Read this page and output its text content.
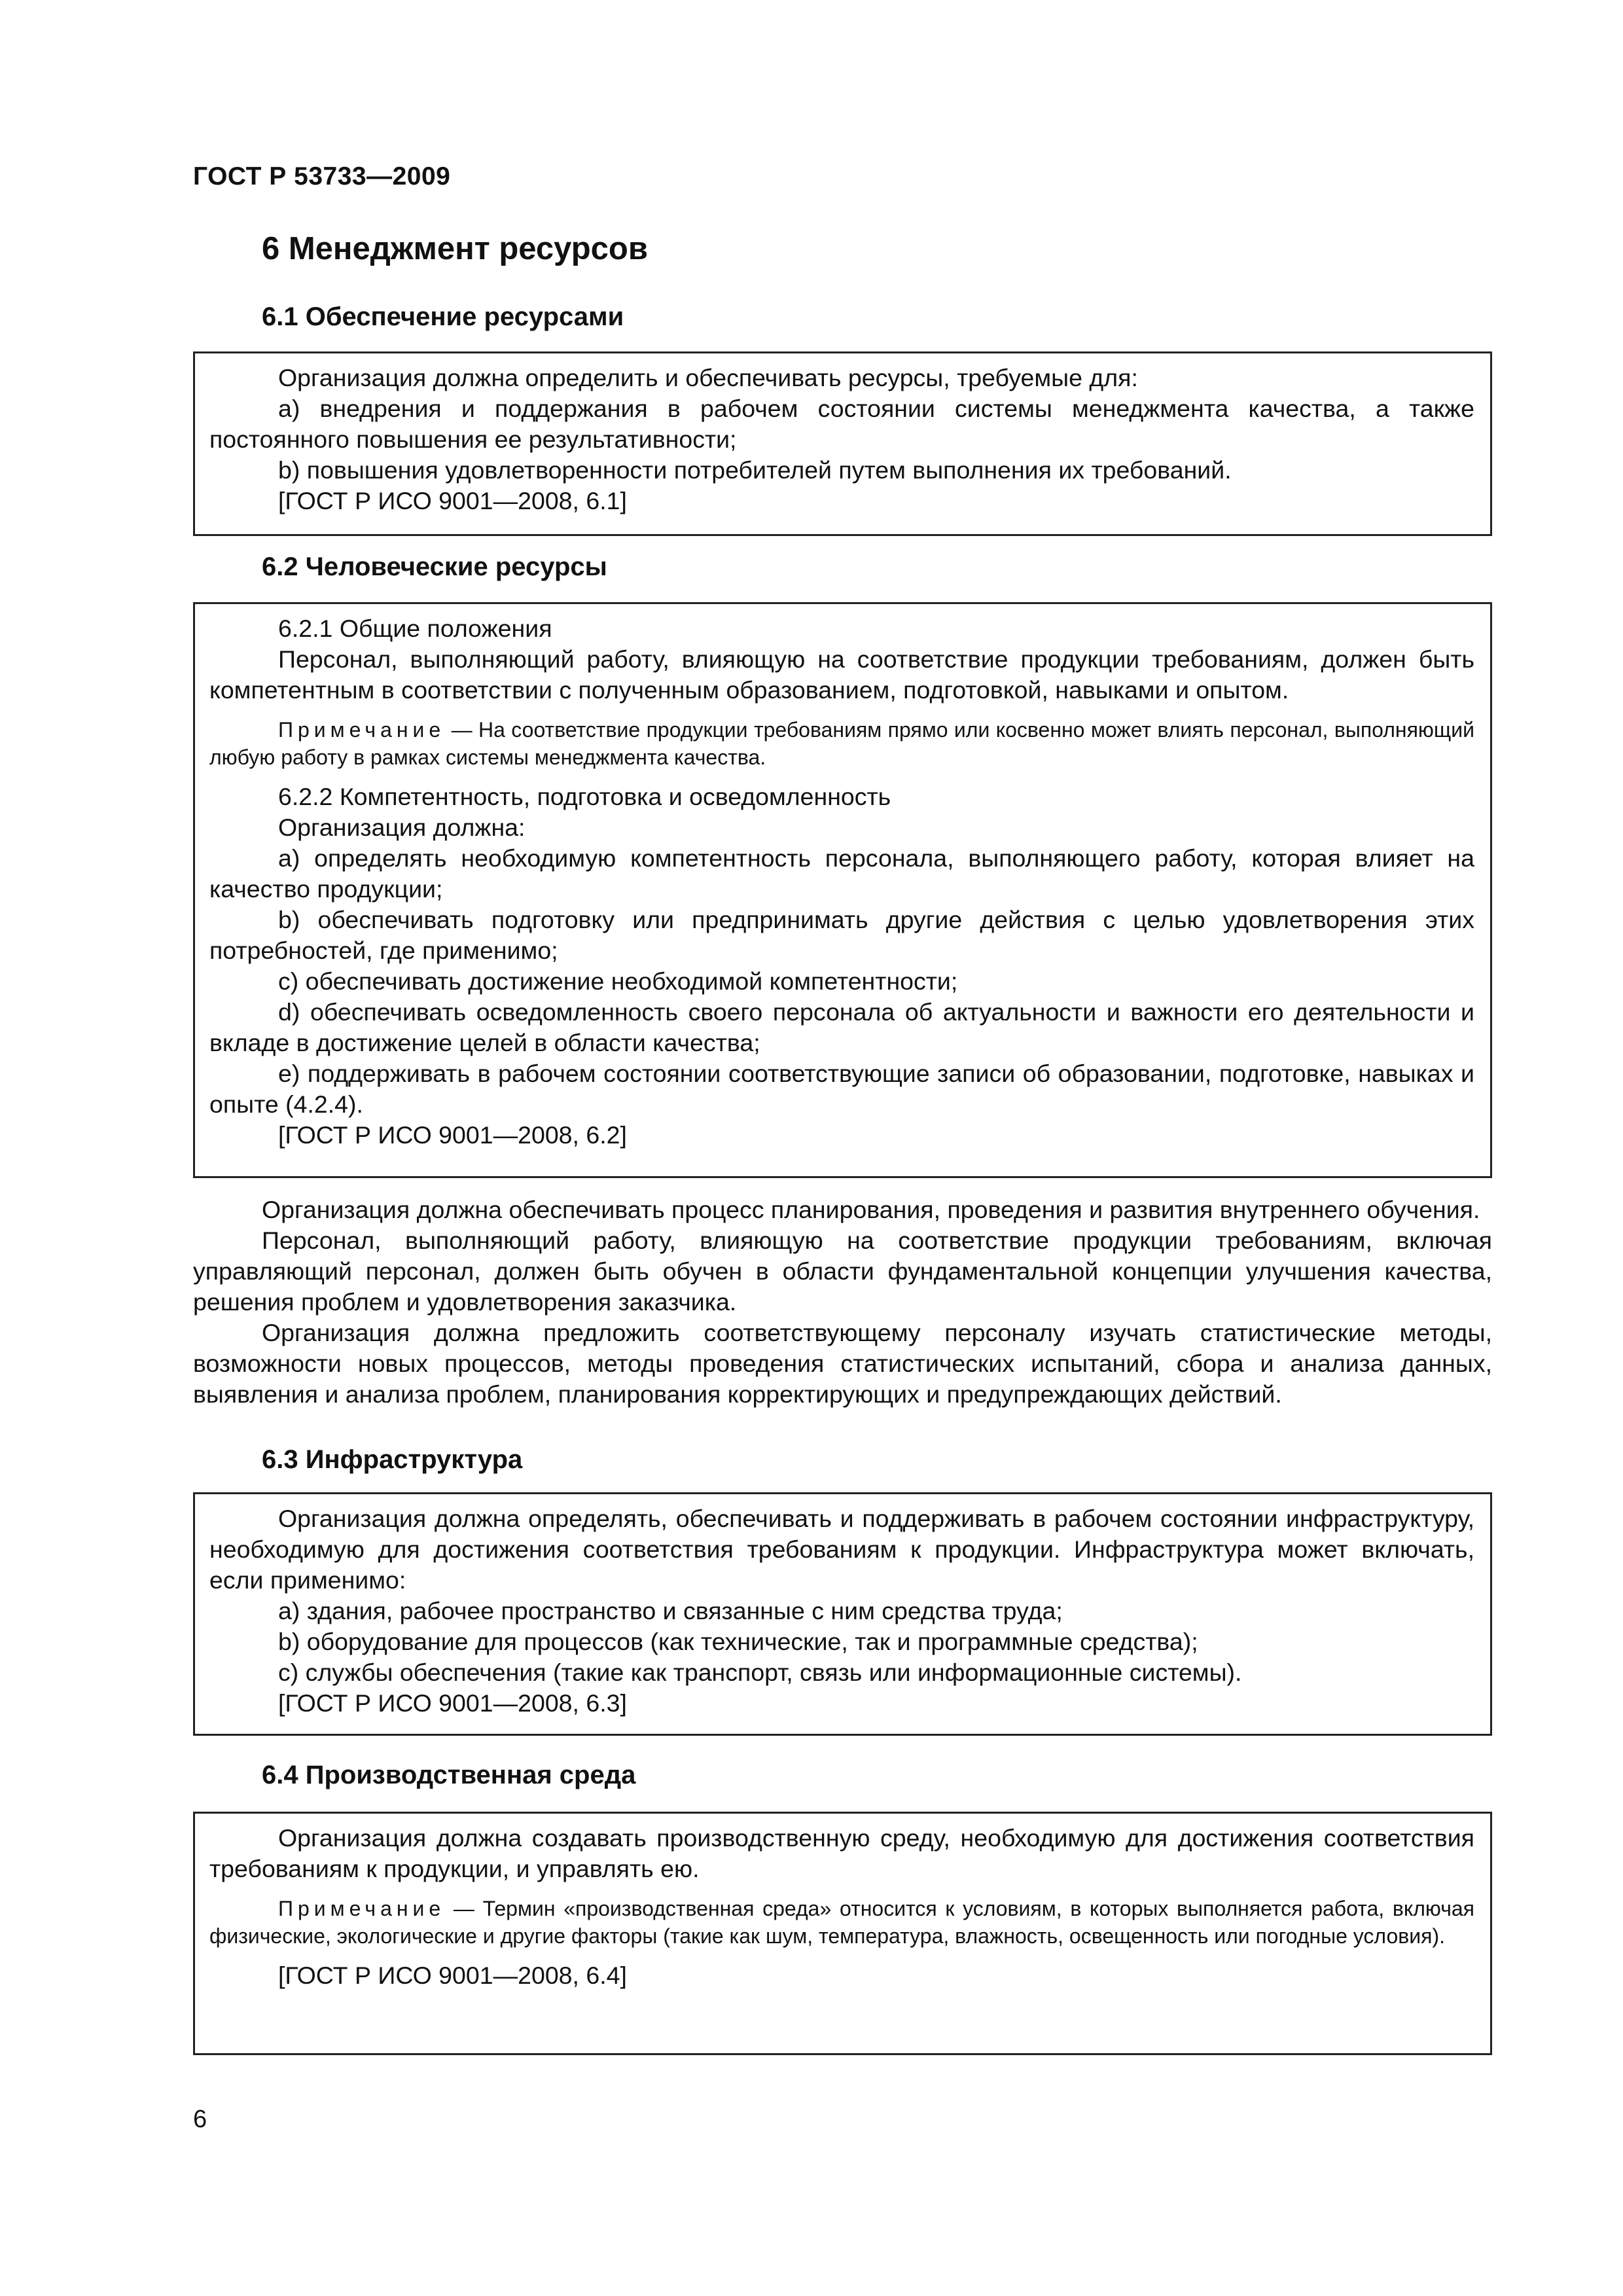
ГОСТ Р 53733—2009
6 Менеджмент ресурсов
6.1 Обеспечение ресурсами

Организация должна определить и обеспечивать ресурсы, требуемые для:

а) внедрения и поддержания в рабочем состоянии системы менеджмента качества, а также постоянного повышения ее результативности;

b) повышения удовлетворенности потребителей путем выполнения их требований.

[ГОСТ Р ИСО 9001—2008, 6.1]

6.2 Человеческие ресурсы

6.2.1 Общие положения

Персонал, выполняющий работу, влияющую на соответствие продукции требованиям, должен быть компетентным в соответствии с полученным образованием, подготовкой, навыками и опытом.

Примечание — На соответствие продукции требованиям прямо или косвенно может влиять персонал, выполняющий любую работу в рамках системы менеджмента качества.

6.2.2 Компетентность, подготовка и осведомленность

Организация должна:

а) определять необходимую компетентность персонала, выполняющего работу, которая влияет на качество продукции;

b) обеспечивать подготовку или предпринимать другие действия с целью удовлетворения этих потребностей, где применимо;

c) обеспечивать достижение необходимой компетентности;

d) обеспечивать осведомленность своего персонала об актуальности и важности его деятельности и вкладе в достижение целей в области качества;

e) поддерживать в рабочем состоянии соответствующие записи об образовании, подготовке, навыках и опыте (4.2.4).

[ГОСТ Р ИСО 9001—2008, 6.2]

Организация должна обеспечивать процесс планирования, проведения и развития внутреннего обучения.

Персонал, выполняющий работу, влияющую на соответствие продукции требованиям, включая управляющий персонал, должен быть обучен в области фундаментальной концепции улучшения качества, решения проблем и удовлетворения заказчика.

Организация должна предложить соответствующему персоналу изучать статистические методы, возможности новых процессов, методы проведения статистических испытаний, сбора и анализа данных, выявления и анализа проблем, планирования корректирующих и предупреждающих действий.

6.3 Инфраструктура

Организация должна определять, обеспечивать и поддерживать в рабочем состоянии инфраструктуру, необходимую для достижения соответствия требованиям к продукции. Инфраструктура может включать, если применимо:

а) здания, рабочее пространство и связанные с ним средства труда;

b) оборудование для процессов (как технические, так и программные средства);

c) службы обеспечения (такие как транспорт, связь или информационные системы).

[ГОСТ Р ИСО 9001—2008, 6.3]

6.4 Производственная среда

Организация должна создавать производственную среду, необходимую для достижения соответствия требованиям к продукции, и управлять ею.

Примечание — Термин «производственная среда» относится к условиям, в которых выполняется работа, включая физические, экологические и другие факторы (такие как шум, температура, влажность, освещенность или погодные условия).

[ГОСТ Р ИСО 9001—2008, 6.4]

6
